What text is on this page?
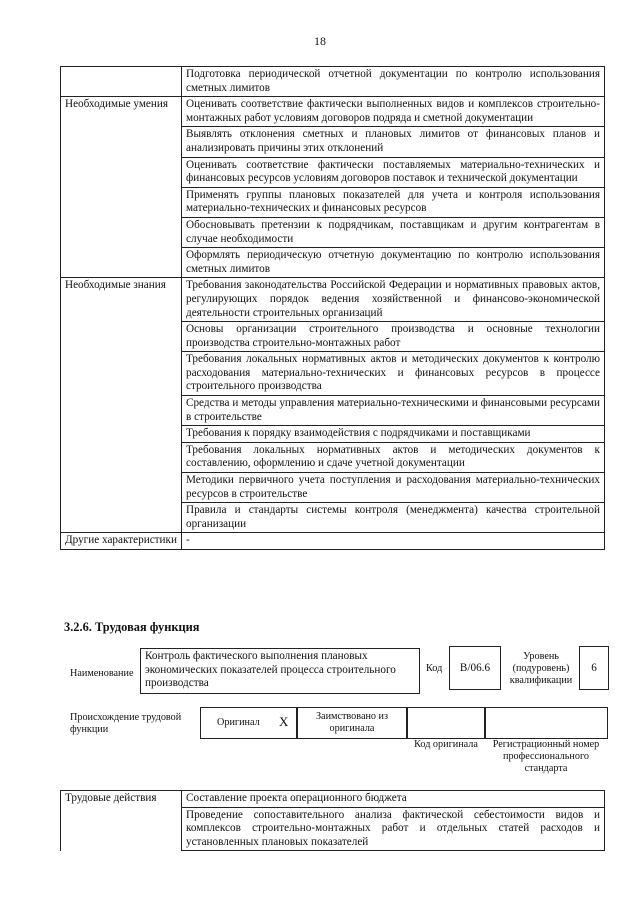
18
	Подготовка периодической отчетной документации по контролю использования сметных лимитов
Необходимые умения	Оценивать соответствие фактически выполненных видов и комплексов строительно-монтажных работ условиям договоров подряда и сметной документации
	Выявлять отклонения сметных и плановых лимитов от финансовых планов и анализировать причины этих отклонений
	Оценивать соответствие фактически поставляемых материально-технических и финансовых ресурсов условиям договоров поставок и технической документации
	Применять группы плановых показателей для учета и контроля использования материально-технических и финансовых ресурсов
	Обосновывать претензии к подрядчикам, поставщикам и другим контрагентам в случае необходимости
	Оформлять периодическую отчетную документацию по контролю использования сметных лимитов
Необходимые знания	Требования законодательства Российской Федерации и нормативных правовых актов, регулирующих порядок ведения хозяйственной и финансово-экономической деятельности строительных организаций
	Основы организации строительного производства и основные технологии производства строительно-монтажных работ
	Требования локальных нормативных актов и методических документов к контролю расходования материально-технических и финансовых ресурсов в процессе строительного производства
	Средства и методы управления материально-техническими и финансовыми ресурсами в строительстве
	Требования к порядку взаимодействия с подрядчиками и поставщиками
	Требования локальных нормативных актов и методических документов к составлению, оформлению и сдаче учетной документации
	Методики первичного учета поступления и расходования материально-технических ресурсов в строительстве
	Правила и стандарты системы контроля (менеджмента) качества строительной организации
Другие характеристики	-
3.2.6. Трудовая функция
Наименование
Контроль фактического выполнения плановых экономических показателей процесса строительного производства
Код	B/06.6
Уровень (подуровень) квалификации
6
Происхождение трудовой функции
Оригинал X	Заимствовано из оригинала
Код оригинала	Регистрационный номер профессионального стандарта
Трудовые действия	Составление проекта операционного бюджета
Проведение сопоставительного анализа фактической себестоимости видов и комплексов строительно-монтажных работ и отдельных статей расходов и установленных плановых показателей
